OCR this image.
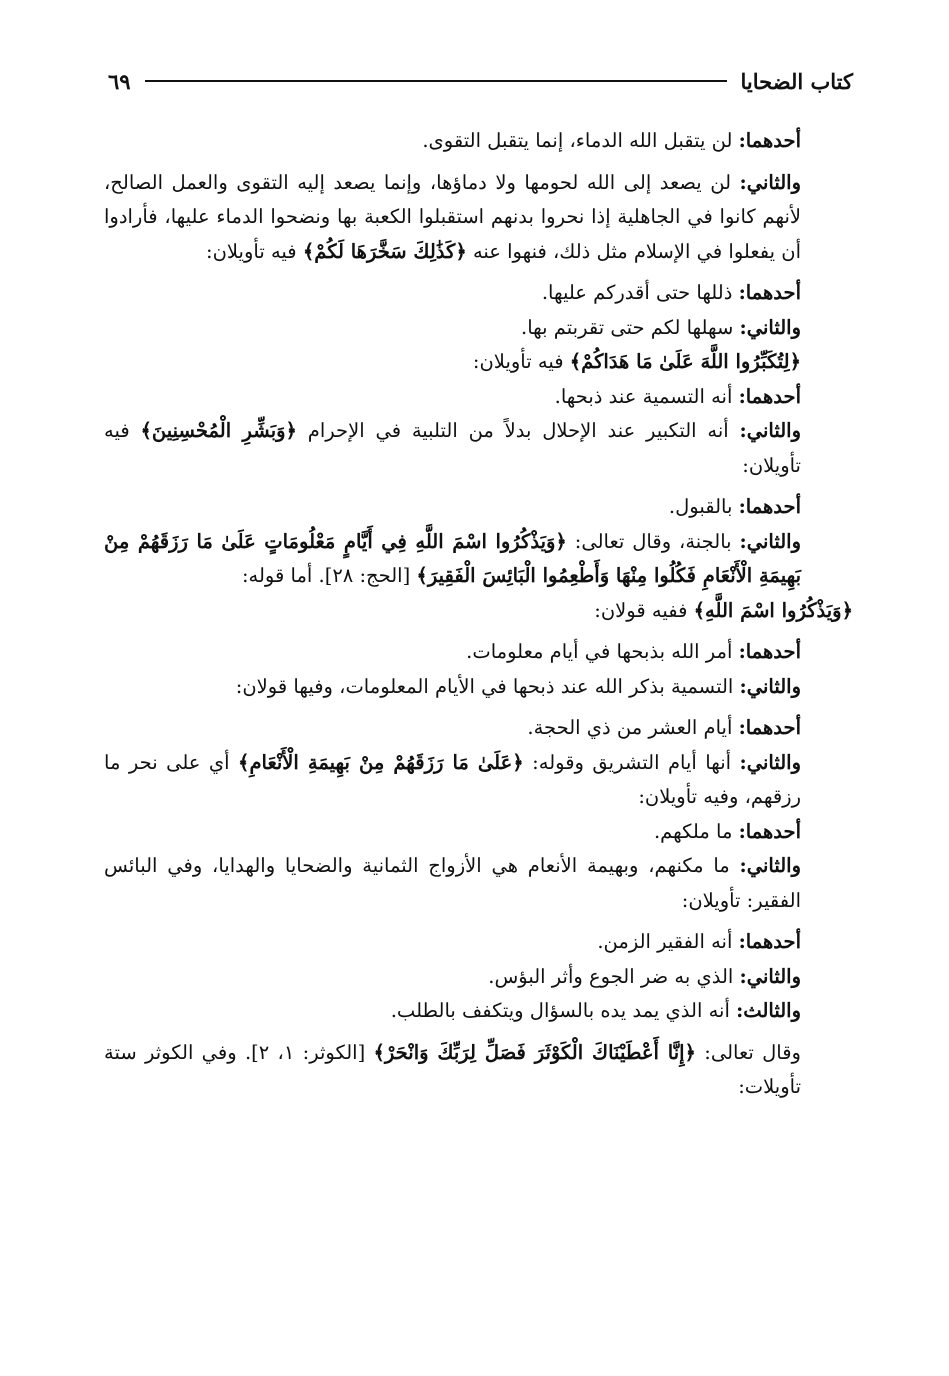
كتاب الضحايا
٦٩

أحدهما: لن يتقبل الله الدماء، إنما يتقبل التقوى.

والثاني: لن يصعد إلى الله لحومها ولا دماؤها، وإنما يصعد إليه التقوى والعمل الصالح، لأنهم كانوا في الجاهلية إذا نحروا بدنهم استقبلوا الكعبة بها ونضحوا الدماء عليها، فأرادوا أن يفعلوا في الإسلام مثل ذلك، فنهوا عنه ﴿كَذَٰلِكَ سَخَّرَهَا لَكُمْ﴾ فيه تأويلان:

أحدهما: ذللها حتى أقدركم عليها.

والثاني: سهلها لكم حتى تقربتم بها.

﴿لِتُكَبِّرُوا اللَّهَ عَلَىٰ مَا هَدَاكُمْ﴾ فيه تأويلان:

أحدهما: أنه التسمية عند ذبحها.

والثاني: أنه التكبير عند الإحلال بدلاً من التلبية في الإحرام ﴿وَبَشِّرِ الْمُحْسِنِينَ﴾ فيه تأويلان:

أحدهما: بالقبول.

والثاني: بالجنة، وقال تعالى: ﴿وَيَذْكُرُوا اسْمَ اللَّهِ فِي أَيَّامٍ مَعْلُومَاتٍ عَلَىٰ مَا رَزَقَهُمْ مِنْ بَهِيمَةِ الْأَنْعَامِ فَكُلُوا مِنْهَا وَأَطْعِمُوا الْبَائِسَ الْفَقِيرَ﴾ [الحج: ٢٨]. أما قوله:

﴿وَيَذْكُرُوا اسْمَ اللَّهِ﴾ ففيه قولان:

أحدهما: أمر الله بذبحها في أيام معلومات.

والثاني: التسمية بذكر الله عند ذبحها في الأيام المعلومات، وفيها قولان:

أحدهما: أيام العشر من ذي الحجة.

والثاني: أنها أيام التشريق وقوله: ﴿عَلَىٰ مَا رَزَقَهُمْ مِنْ بَهِيمَةِ الْأَنْعَامِ﴾ أي على نحر ما رزقهم، وفيه تأويلان:

أحدهما: ما ملكهم.

والثاني: ما مكنهم، وبهيمة الأنعام هي الأزواج الثمانية والضحايا والهدايا، وفي البائس الفقير: تأويلان:

أحدهما: أنه الفقير الزمن.

والثاني: الذي به ضر الجوع وأثر البؤس.

والثالث: أنه الذي يمد يده بالسؤال ويتكفف بالطلب.

وقال تعالى: ﴿إِنَّا أَعْطَيْنَاكَ الْكَوْثَرَ فَصَلِّ لِرَبِّكَ وَانْحَرْ﴾ [الكوثر: ١، ٢]. وفي الكوثر ستة تأويلات:
